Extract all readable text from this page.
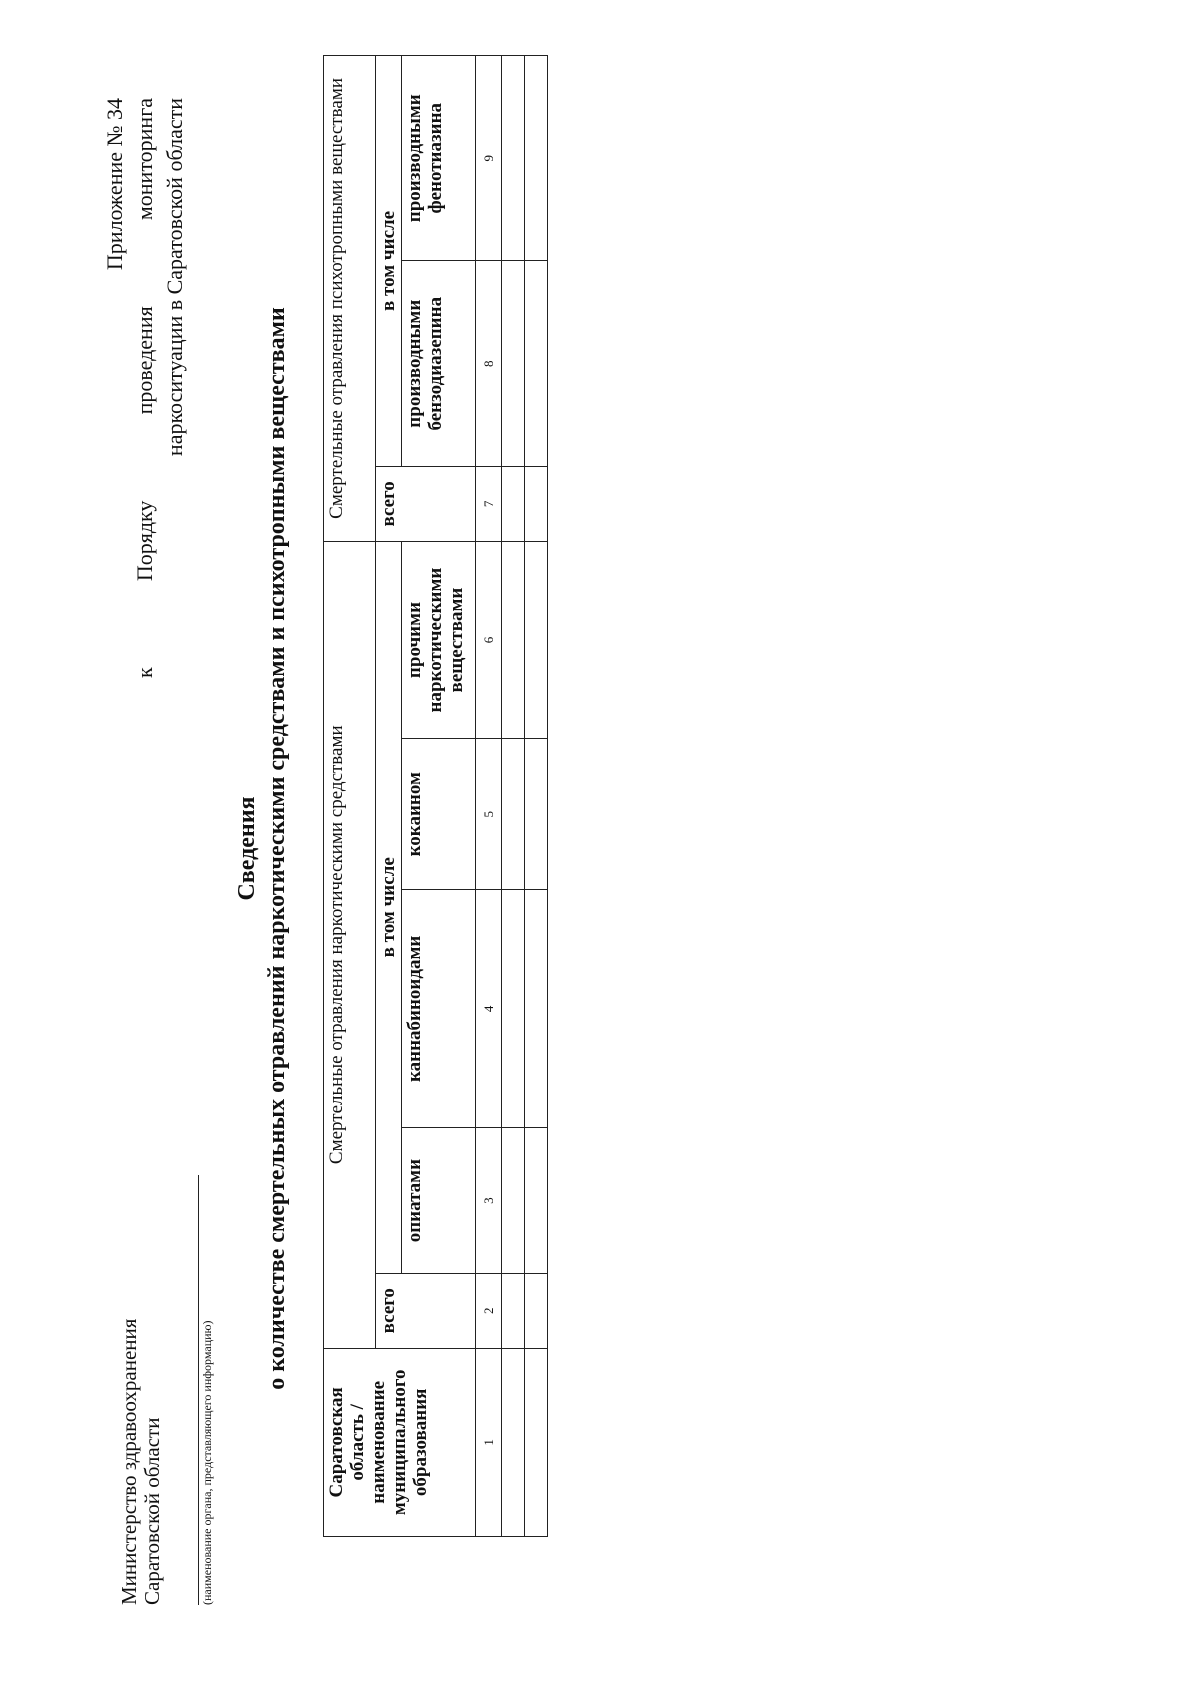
Министерство здравоохранения Саратовской области	(наименование органа, представляющего информацию)
Приложение № 34 к Порядку проведения мониторинга наркоситуации в Саратовской области
Сведения о количестве смертельных отравлений наркотическими средствами и психотропными веществами
Саратовская область / наименование муниципального образования	Смертельные отравления наркотическими средствами					Смертельные отравления психотропными веществами		
	всего	в том числе				всего	в том числе	
		опиатами	каннабиноидами	кокаином	прочими наркотическими веществами		производными бензодиазепина	производными фенотиазина
1	2	3	4	5	6	7	8	9
